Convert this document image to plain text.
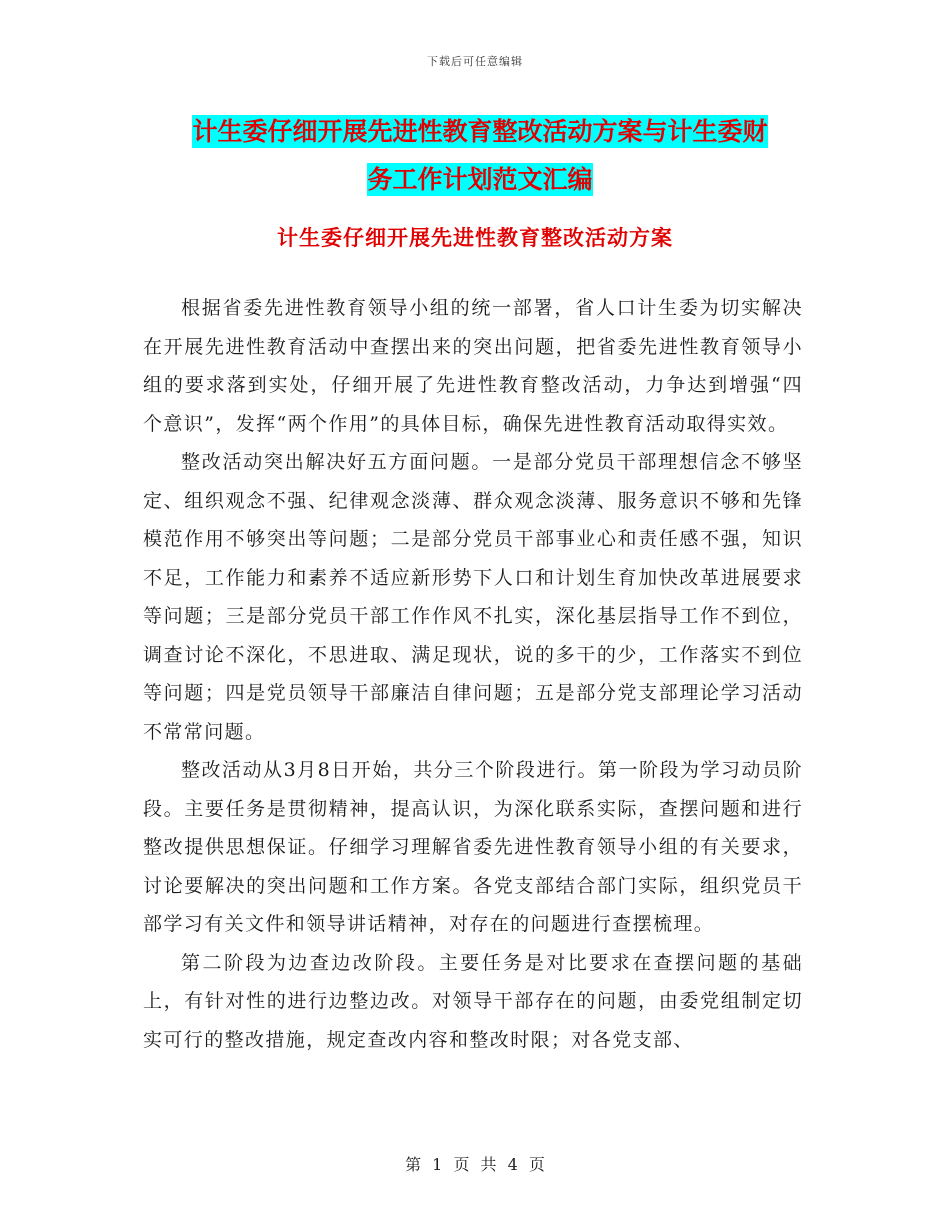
下载后可任意编辑
计生委仔细开展先进性教育整改活动方案与计生委财
务工作计划范文汇编
计生委仔细开展先进性教育整改活动方案

根据省委先进性教育领导小组的统一部署，省人口计生委为切实解决在开展先进性教育活动中查摆出来的突出问题，把省委先进性教育领导小组的要求落到实处，仔细开展了先进性教育整改活动，力争达到增强“四个意识”，发挥“两个作用”的具体目标，确保先进性教育活动取得实效。

整改活动突出解决好五方面问题。一是部分党员干部理想信念不够坚定、组织观念不强、纪律观念淡薄、群众观念淡薄、服务意识不够和先锋模范作用不够突出等问题；二是部分党员干部事业心和责任感不强，知识不足，工作能力和素养不适应新形势下人口和计划生育加快改革进展要求等问题；三是部分党员干部工作作风不扎实，深化基层指导工作不到位，调查讨论不深化，不思进取、满足现状，说的多干的少，工作落实不到位等问题；四是党员领导干部廉洁自律问题；五是部分党支部理论学习活动不常常问题。

整改活动从3月8日开始，共分三个阶段进行。第一阶段为学习动员阶段。主要任务是贯彻精神，提高认识，为深化联系实际，查摆问题和进行整改提供思想保证。仔细学习理解省委先进性教育领导小组的有关要求，讨论要解决的突出问题和工作方案。各党支部结合部门实际，组织党员干部学习有关文件和领导讲话精神，对存在的问题进行查摆梳理。

第二阶段为边查边改阶段。主要任务是对比要求在查摆问题的基础上，有针对性的进行边整边改。对领导干部存在的问题，由委党组制定切实可行的整改措施，规定查改内容和整改时限；对各党支部、

第 1 页 共 4 页
